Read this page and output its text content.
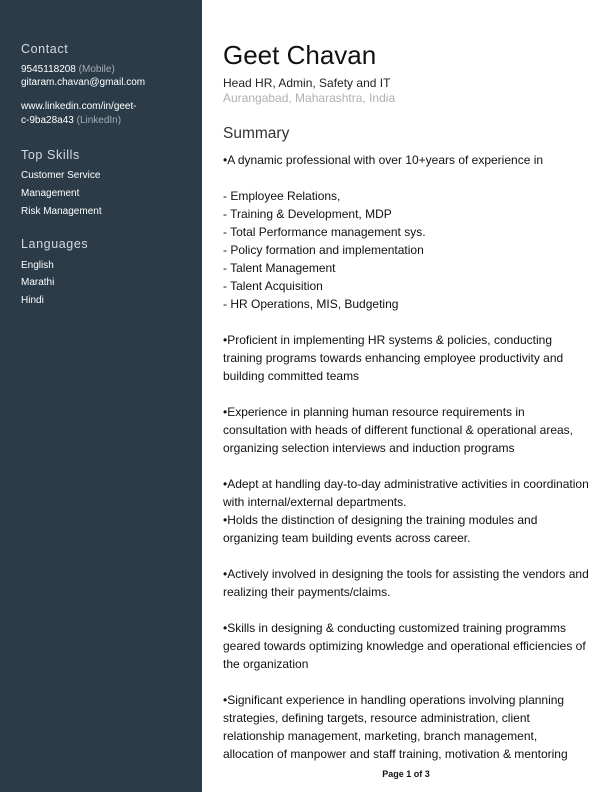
Contact
9545118208 (Mobile)
gitaram.chavan@gmail.com
www.linkedin.com/in/geet-
c-9ba28a43 (LinkedIn)
Top Skills
Customer Service
Management
Risk Management
Languages
English
Marathi
Hindi
Geet Chavan
Head HR, Admin, Safety and IT
Aurangabad, Maharashtra, India
Summary
•A dynamic professional with over 10+years of experience in
- Employee Relations,
- Training & Development, MDP
- Total Performance management sys.
- Policy formation and implementation
- Talent Management
- Talent Acquisition
- HR Operations, MIS, Budgeting
•Proficient in implementing HR systems & policies, conducting
training programs towards enhancing employee productivity and
building committed teams
•Experience in planning human resource requirements in
consultation with heads of different functional & operational areas,
organizing selection interviews and induction programs
•Adept at handling day-to-day administrative activities in coordination
with internal/external departments.
•Holds the distinction of designing the training modules and
organizing team building events across career.
•Actively involved in designing the tools for assisting the vendors and
realizing their payments/claims.
•Skills in designing & conducting customized training programms
geared towards optimizing knowledge and operational efficiencies of
the organization
•Significant experience in handling operations involving planning
strategies, defining targets, resource administration, client
relationship management, marketing, branch management,
allocation of manpower and staff training, motivation & mentoring
Page 1 of 3
